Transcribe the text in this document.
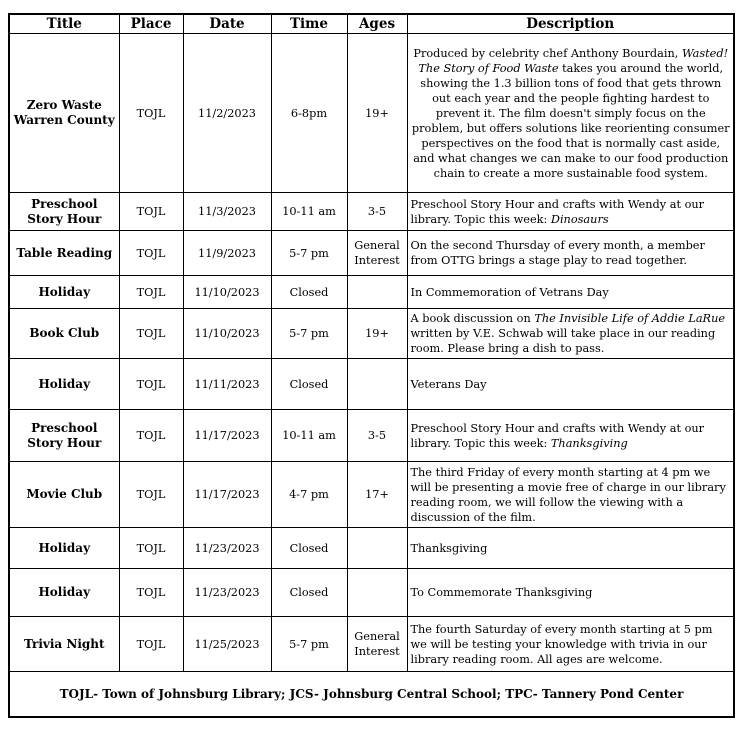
Title	Place	Date	Time	Ages	Description
Zero Waste Warren County	TOJL	11/2/2023	6-8pm	19+	Produced by celebrity chef Anthony Bourdain, Wasted! The Story of Food Waste takes you around the world, showing the 1.3 billion tons of food that gets thrown out each year and the people fighting hardest to prevent it. The film doesn't simply focus on the problem, but offers solutions like reorienting consumer perspectives on the food that is normally cast aside, and what changes we can make to our food production chain to create a more sustainable food system.
Preschool Story Hour	TOJL	11/3/2023	10-11 am	3-5	Preschool Story Hour and crafts with Wendy at our library. Topic this week: Dinosaurs
Table Reading	TOJL	11/9/2023	5-7 pm	General Interest	On the second Thursday of every month, a member from OTTG brings a stage play to read together.
Holiday	TOJL	11/10/2023	Closed		In Commemoration of Vetrans Day
Book Club	TOJL	11/10/2023	5-7 pm	19+	A book discussion on The Invisible Life of Addie LaRue written by V.E. Schwab will take place in our reading room. Please bring a dish to pass.
Holiday	TOJL	11/11/2023	Closed		Veterans Day
Preschool Story Hour	TOJL	11/17/2023	10-11 am	3-5	Preschool Story Hour and crafts with Wendy at our library. Topic this week: Thanksgiving
Movie Club	TOJL	11/17/2023	4-7 pm	17+	The third Friday of every month starting at 4 pm we will be presenting a movie free of charge in our library reading room, we will follow the viewing with a discussion of the film.
Holiday	TOJL	11/23/2023	Closed		Thanksgiving
Holiday	TOJL	11/23/2023	Closed		To Commemorate Thanksgiving
Trivia Night	TOJL	11/25/2023	5-7 pm	General Interest	The fourth Saturday of every month starting at 5 pm we will be testing your knowledge with trivia in our library reading room. All ages are welcome.
TOJL- Town of Johnsburg Library; JCS- Johnsburg Central School; TPC- Tannery Pond Center					
